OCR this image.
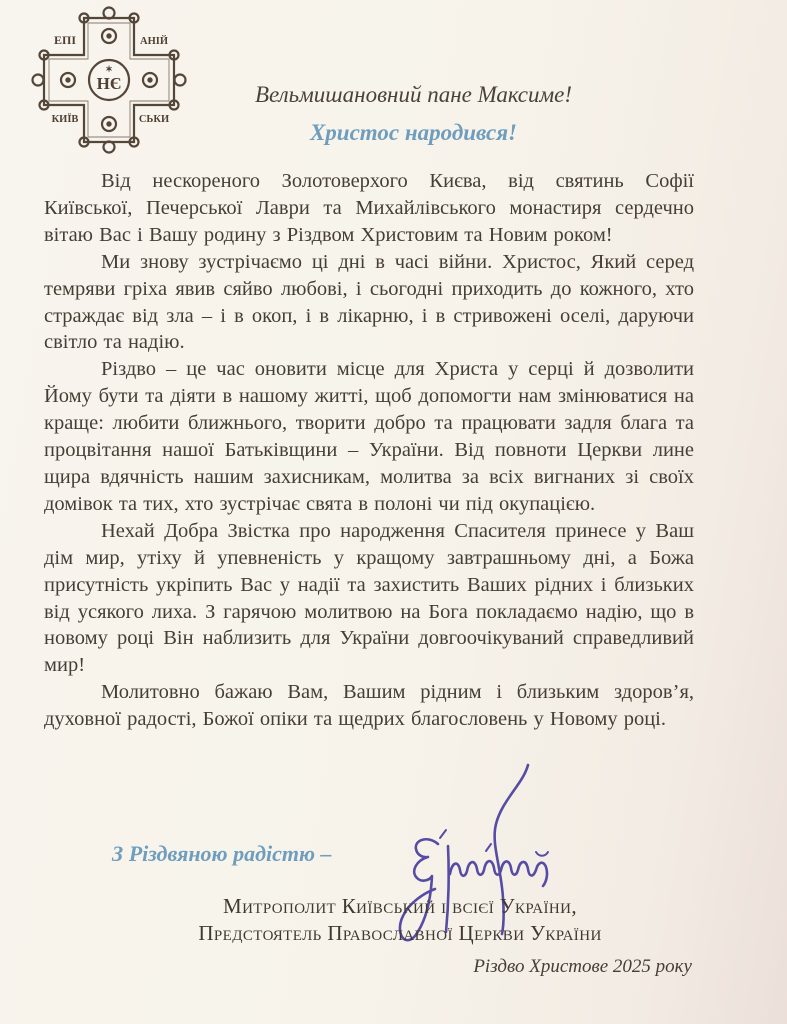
✶
НЄ
ЕПІ	АНІЙ
КИЇВ	СЬКИ
Вельмишановний пане Максиме!
Христос народився!

Від нескореного Золотоверхого Києва, від святинь Софії Київської, Печерської Лаври та Михайлівського монастиря сердечно вітаю Вас і Вашу родину з Різдвом Христовим та Новим роком!

Ми знову зустрічаємо ці дні в часі війни. Христос, Який серед темряви гріха явив сяйво любові, і сьогодні приходить до кожного, хто страждає від зла – і в окоп, і в лікарню, і в стривожені оселі, даруючи світло та надію.

Різдво – це час оновити місце для Христа у серці й дозволити Йому бути та діяти в нашому житті, щоб допомогти нам змінюватися на краще: любити ближнього, творити добро та працювати задля блага та процвітання нашої Батьківщини – України. Від повноти Церкви лине щира вдячність нашим захисникам, молитва за всіх вигнаних зі своїх домівок та тих, хто зустрічає свята в полоні чи під окупацією.

Нехай Добра Звістка про народження Спасителя принесе у Ваш дім мир, утіху й упевненість у кращому завтрашньому дні, а Божа присутність укріпить Вас у надії та захистить Ваших рідних і близьких від усякого лиха. З гарячою молитвою на Бога покладаємо надію, що в новому році Він наблизить для України довгоочікуваний справедливий мир!

Молитовно бажаю Вам, Вашим рідним і близьким здоров’я, духовної радості, Божої опіки та щедрих благословень у Новому році.

З Різдвяною радістю –
Митрополит Київський і всієї України,
Предстоятель Православної Церкви України
Різдво Христове 2025 року
